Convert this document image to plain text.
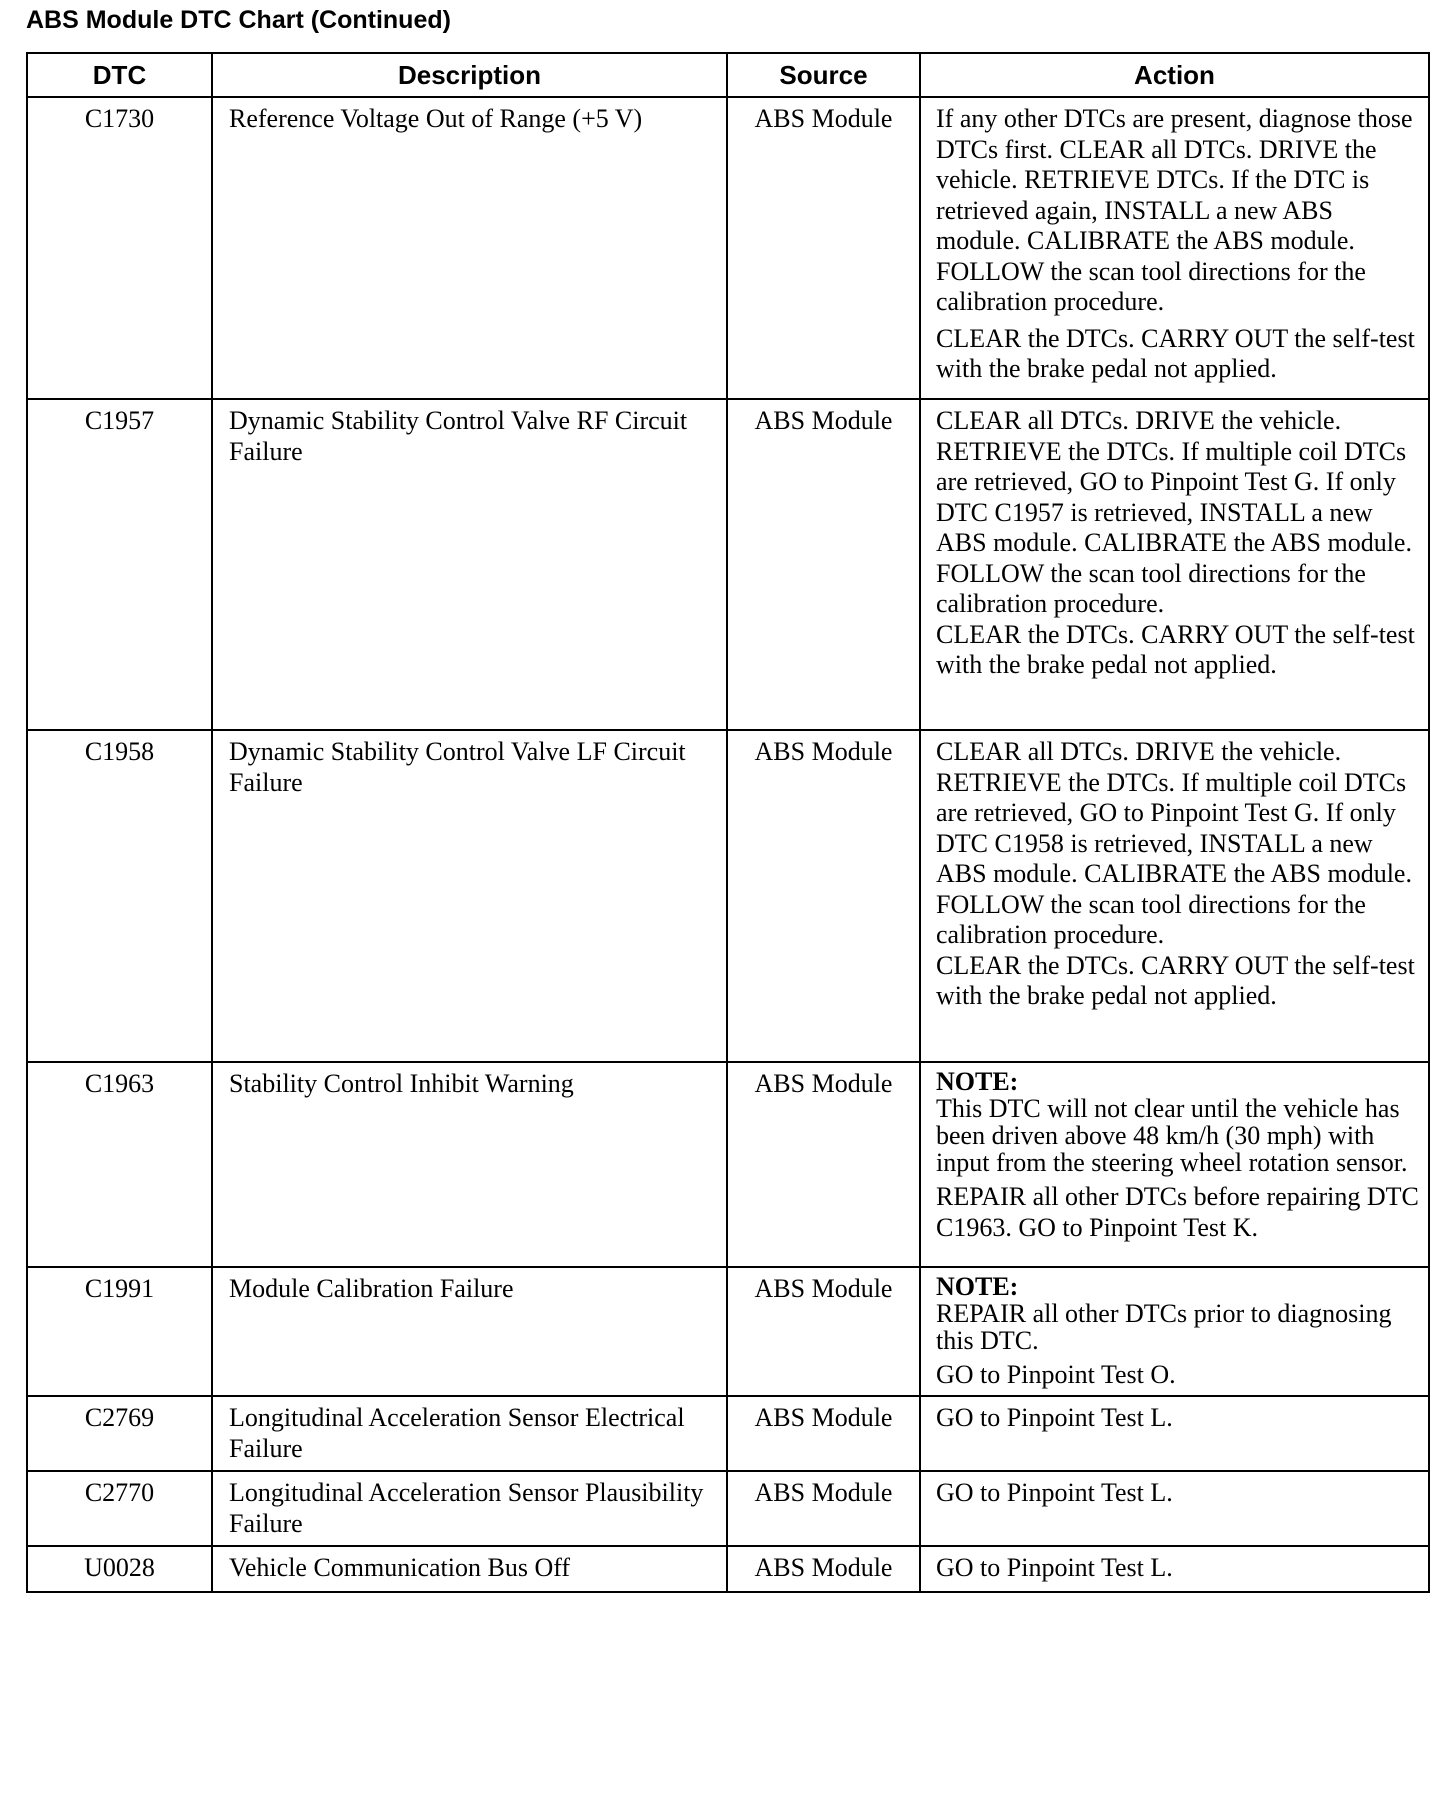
ABS Module DTC Chart (Continued)
DTC	Description	Source	Action
C1730	Reference Voltage Out of Range (+5 V)	ABS Module	If any other DTCs are present, diagnose those DTCs first. CLEAR all DTCs. DRIVE the vehicle. RETRIEVE DTCs. If the DTC is retrieved again, INSTALL a new ABS module. CALIBRATE the ABS module. FOLLOW the scan tool directions for the calibration procedure.
CLEAR the DTCs. CARRY OUT the self-test with the brake pedal not applied.

C1957	Dynamic Stability Control Valve RF Circuit Failure	ABS Module	CLEAR all DTCs. DRIVE the vehicle. RETRIEVE the DTCs. If multiple coil DTCs are retrieved, GO to Pinpoint Test G. If only DTC C1957 is retrieved, INSTALL a new ABS module. CALIBRATE the ABS module. FOLLOW the scan tool directions for the calibration procedure.
CLEAR the DTCs. CARRY OUT the self-test with the brake pedal not applied.

C1958	Dynamic Stability Control Valve LF Circuit Failure	ABS Module	CLEAR all DTCs. DRIVE the vehicle. RETRIEVE the DTCs. If multiple coil DTCs are retrieved, GO to Pinpoint Test G. If only DTC C1958 is retrieved, INSTALL a new ABS module. CALIBRATE the ABS module. FOLLOW the scan tool directions for the calibration procedure.
CLEAR the DTCs. CARRY OUT the self-test with the brake pedal not applied.

C1963	Stability Control Inhibit Warning	ABS Module	NOTE:
This DTC will not clear until the vehicle has been driven above 48 km/h (30 mph) with input from the steering wheel rotation sensor.
REPAIR all other DTCs before repairing DTC C1963. GO to Pinpoint Test K.

C1991	Module Calibration Failure	ABS Module	NOTE:
REPAIR all other DTCs prior to diagnosing this DTC.
GO to Pinpoint Test O.

C2769	Longitudinal Acceleration Sensor Electrical Failure	ABS Module	GO to Pinpoint Test L.

C2770	Longitudinal Acceleration Sensor Plausibility Failure	ABS Module	GO to Pinpoint Test L.

U0028	Vehicle Communication Bus Off	ABS Module	GO to Pinpoint Test L.
